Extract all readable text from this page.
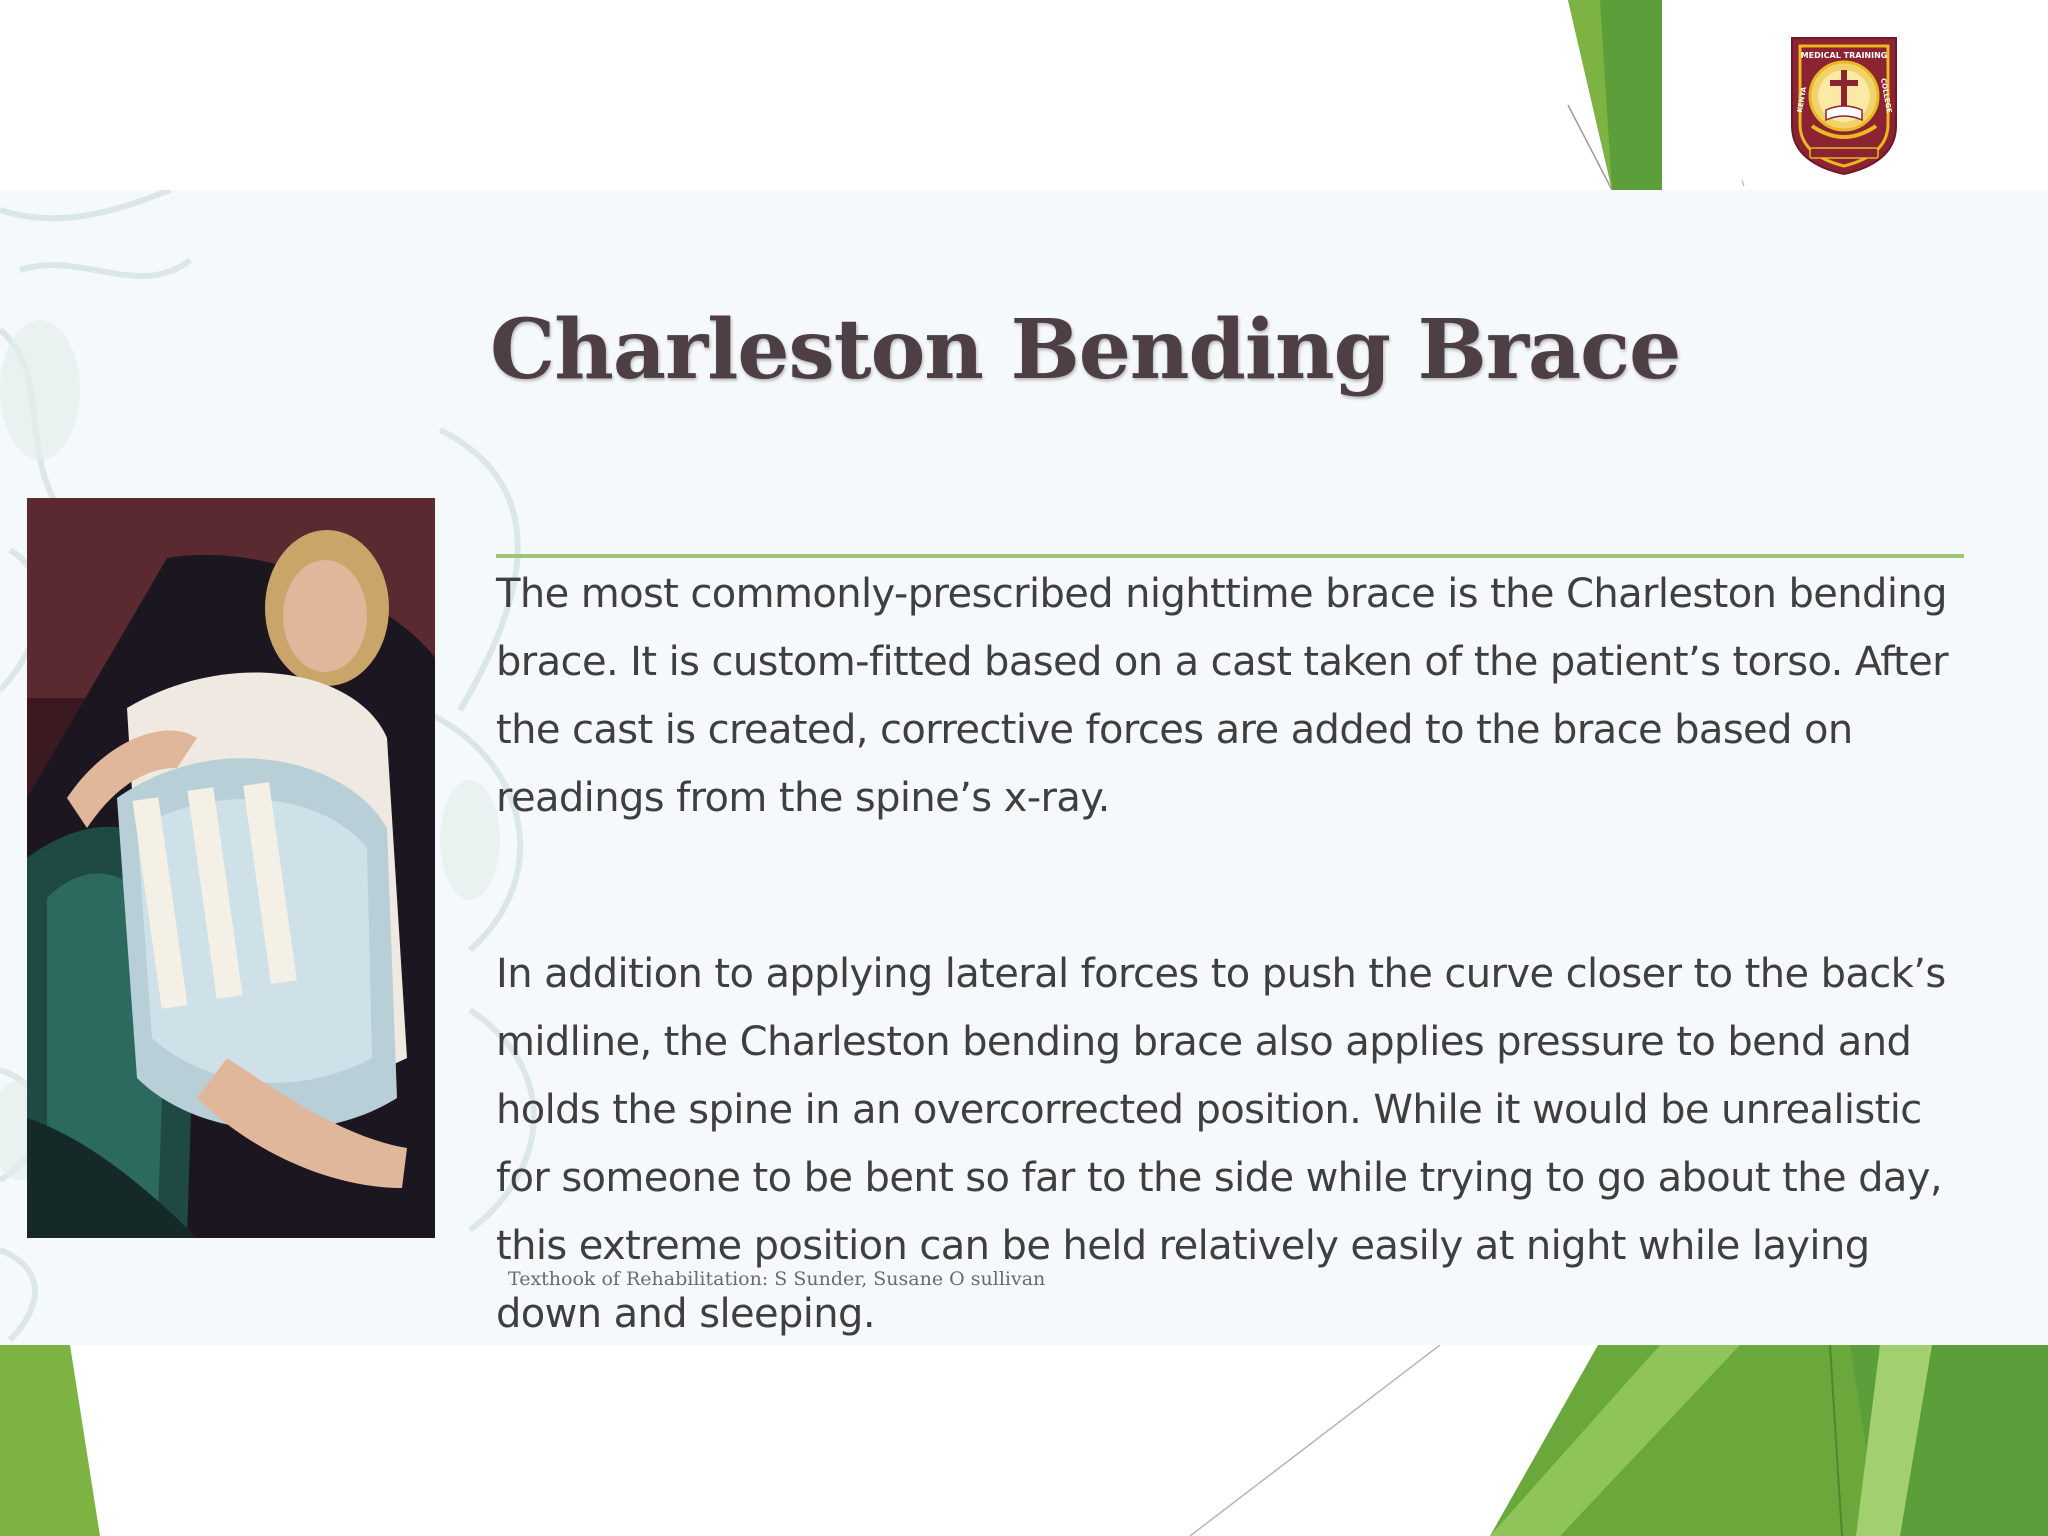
Charleston Bending Brace

The most commonly-prescribed nighttime brace is the Charleston bending brace. It is custom-fitted based on a cast taken of the patient’s torso. After the cast is created, corrective forces are added to the brace based on readings from the spine’s x-ray.

In addition to applying lateral forces to push the curve closer to the back’s midline, the Charleston bending brace also applies pressure to bend and holds the spine in an overcorrected position. While it would be unrealistic for someone to be bent so far to the side while trying to go about the day, this extreme position can be held relatively easily at night while laying down and sleeping.

Texthook of Rehabilitation: S Sunder, Susane O sullivan
MEDICAL TRAINING
KENYA	COLLEGE
